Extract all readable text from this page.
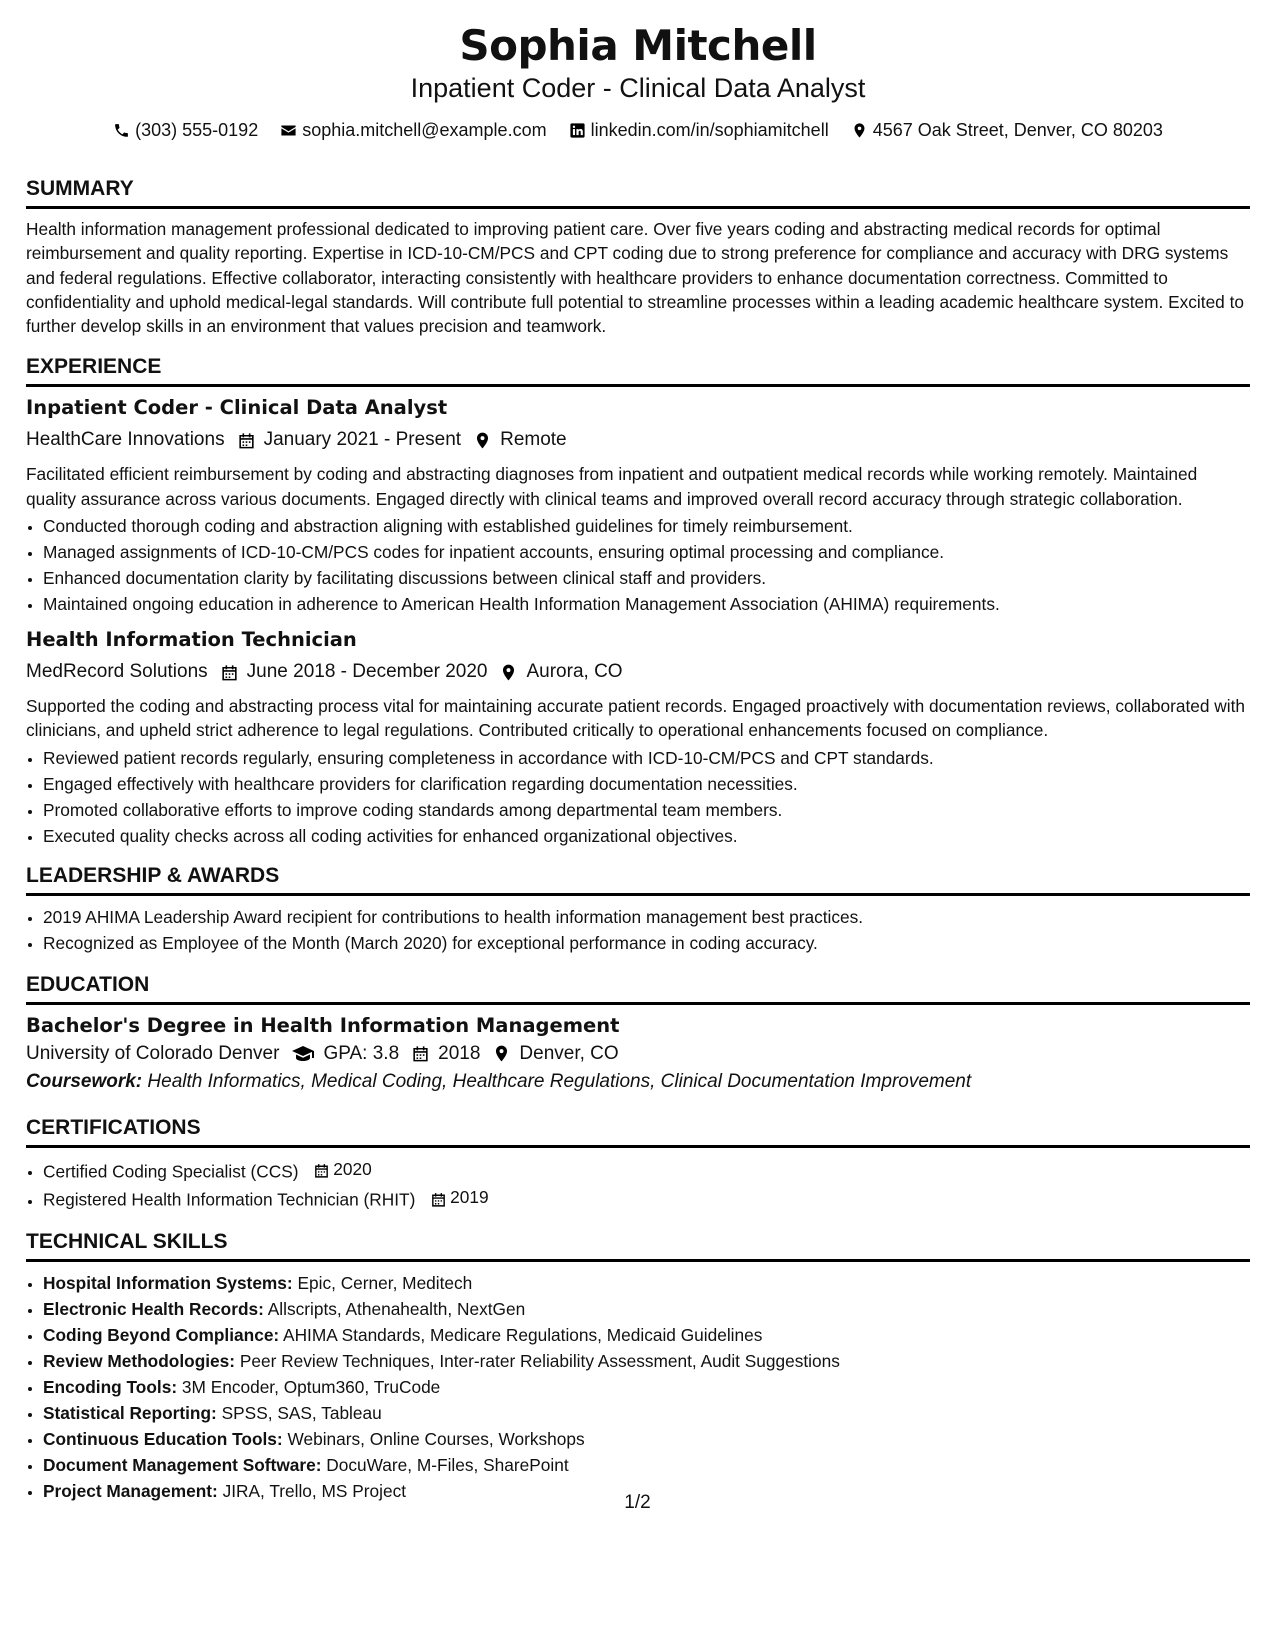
Sophia Mitchell
Inpatient Coder - Clinical Data Analyst
(303) 555-0192 sophia.mitchell@example.com linkedin.com/in/sophiamitchell 4567 Oak Street, Denver, CO 80203
SUMMARY
Health information management professional dedicated to improving patient care. Over five years coding and abstracting medical records for optimal reimbursement and quality reporting. Expertise in ICD-10-CM/PCS and CPT coding due to strong preference for compliance and accuracy with DRG systems and federal regulations. Effective collaborator, interacting consistently with healthcare providers to enhance documentation correctness. Committed to confidentiality and uphold medical-legal standards. Will contribute full potential to streamline processes within a leading academic healthcare system. Excited to further develop skills in an environment that values precision and teamwork.
EXPERIENCE
Inpatient Coder - Clinical Data Analyst
HealthCare Innovations January 2021 - Present Remote
Facilitated efficient reimbursement by coding and abstracting diagnoses from inpatient and outpatient medical records while working remotely. Maintained quality assurance across various documents. Engaged directly with clinical teams and improved overall record accuracy through strategic collaboration.
• Conducted thorough coding and abstraction aligning with established guidelines for timely reimbursement.
• Managed assignments of ICD-10-CM/PCS codes for inpatient accounts, ensuring optimal processing and compliance.
• Enhanced documentation clarity by facilitating discussions between clinical staff and providers.
• Maintained ongoing education in adherence to American Health Information Management Association (AHIMA) requirements.
Health Information Technician
MedRecord Solutions June 2018 - December 2020 Aurora, CO
Supported the coding and abstracting process vital for maintaining accurate patient records. Engaged proactively with documentation reviews, collaborated with clinicians, and upheld strict adherence to legal regulations. Contributed critically to operational enhancements focused on compliance.
• Reviewed patient records regularly, ensuring completeness in accordance with ICD-10-CM/PCS and CPT standards.
• Engaged effectively with healthcare providers for clarification regarding documentation necessities.
• Promoted collaborative efforts to improve coding standards among departmental team members.
• Executed quality checks across all coding activities for enhanced organizational objectives.
LEADERSHIP & AWARDS
• 2019 AHIMA Leadership Award recipient for contributions to health information management best practices.
• Recognized as Employee of the Month (March 2020) for exceptional performance in coding accuracy.
EDUCATION
Bachelor's Degree in Health Information Management
University of Colorado Denver GPA: 3.8 2018 Denver, CO
Coursework: Health Informatics, Medical Coding, Healthcare Regulations, Clinical Documentation Improvement
CERTIFICATIONS
• Certified Coding Specialist (CCS) 2020
• Registered Health Information Technician (RHIT) 2019
TECHNICAL SKILLS
• Hospital Information Systems: Epic, Cerner, Meditech
• Electronic Health Records: Allscripts, Athenahealth, NextGen
• Coding Beyond Compliance: AHIMA Standards, Medicare Regulations, Medicaid Guidelines
• Review Methodologies: Peer Review Techniques, Inter-rater Reliability Assessment, Audit Suggestions
• Encoding Tools: 3M Encoder, Optum360, TruCode
• Statistical Reporting: SPSS, SAS, Tableau
• Continuous Education Tools: Webinars, Online Courses, Workshops
• Document Management Software: DocuWare, M-Files, SharePoint
• Project Management: JIRA, Trello, MS Project
1/2
